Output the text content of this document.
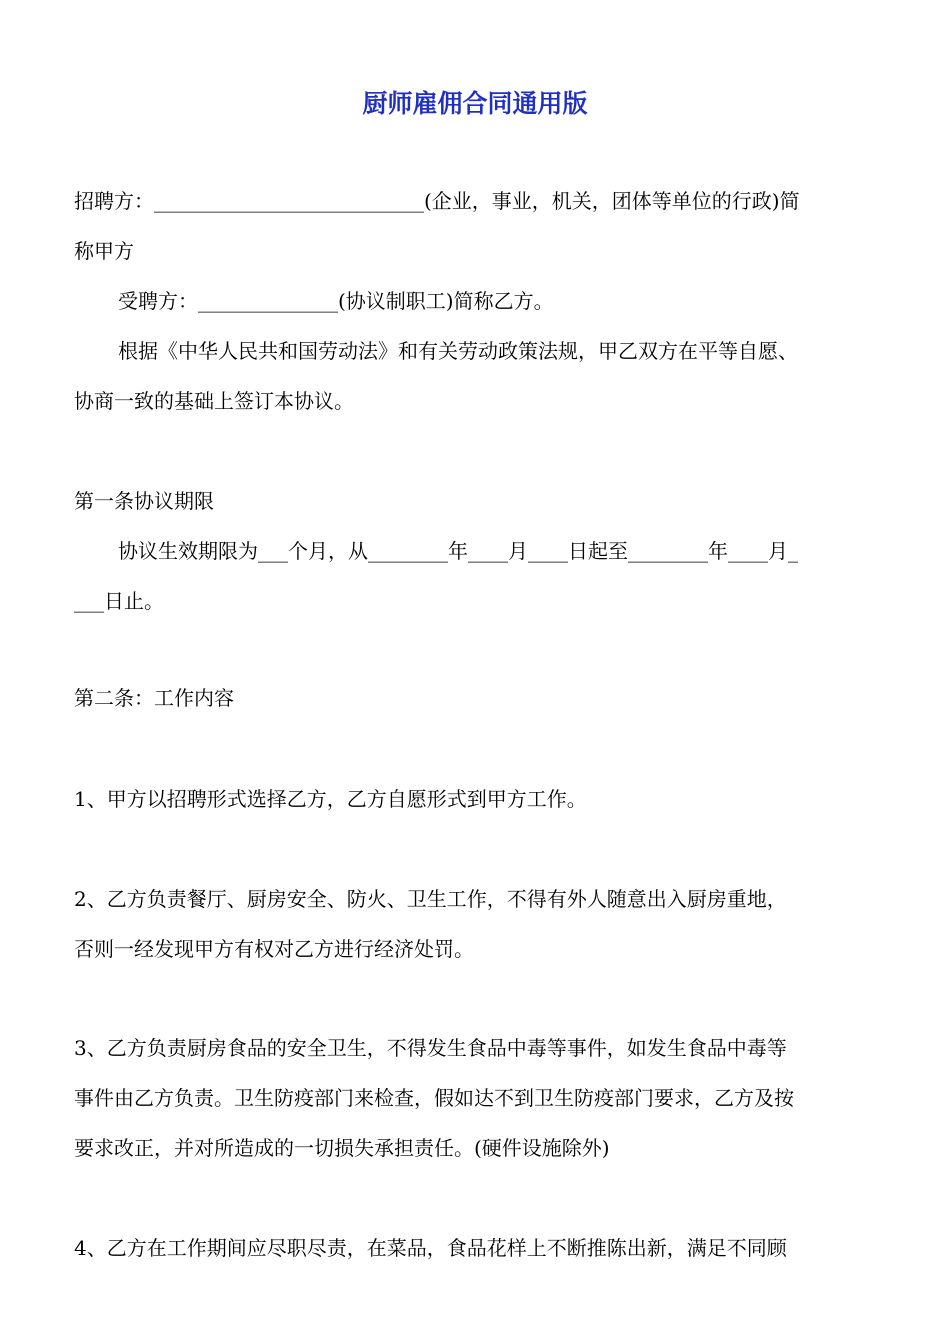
厨师雇佣合同通用版
招聘方：___________________________(企业，事业，机关，团体等单位的行政)简
称甲方
受聘方：______________(协议制职工)简称乙方。
根据《中华人民共和国劳动法》和有关劳动政策法规，甲乙双方在平等自愿、
协商一致的基础上签订本协议。
第一条协议期限
协议生效期限为___个月，从________年____月____日起至________年____月_
___日止。
第二条：工作内容
1、甲方以招聘形式选择乙方，乙方自愿形式到甲方工作。
2、乙方负责餐厅、厨房安全、防火、卫生工作，不得有外人随意出入厨房重地，
否则一经发现甲方有权对乙方进行经济处罚。
3、乙方负责厨房食品的安全卫生，不得发生食品中毒等事件，如发生食品中毒等
事件由乙方负责。卫生防疫部门来检查，假如达不到卫生防疫部门要求，乙方及按
要求改正，并对所造成的一切损失承担责任。(硬件设施除外)
4、乙方在工作期间应尽职尽责，在菜品，食品花样上不断推陈出新，满足不同顾
